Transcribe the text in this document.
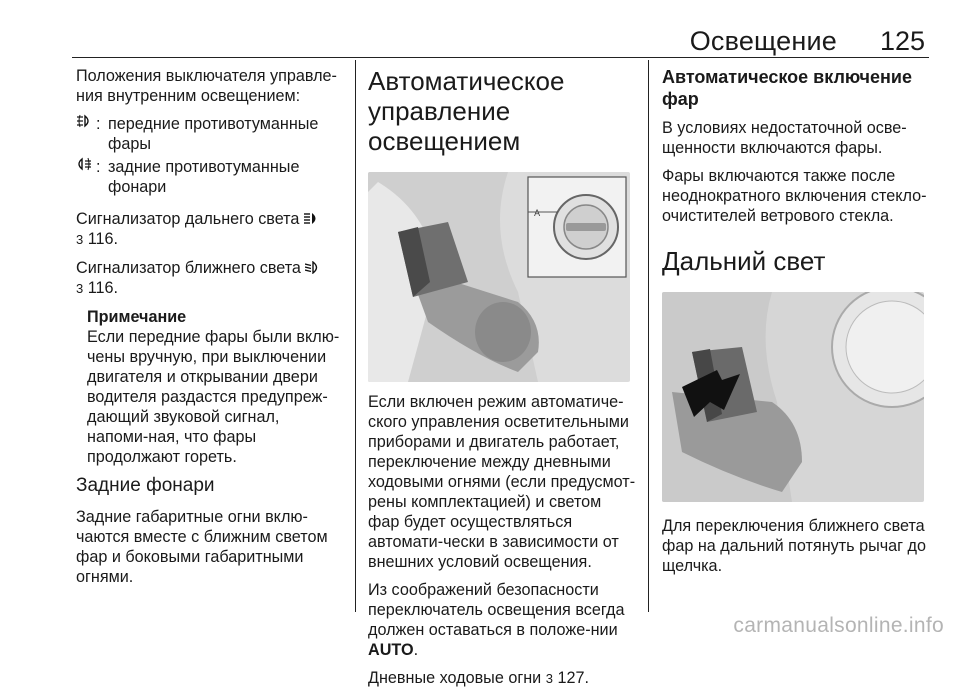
Освещение 125

Положения выключателя управле-ния внутренним освещением:

: передние противотуманные фары
: задние противотуманные фонари

Сигнализатор дальнего света
3 116.

Сигнализатор ближнего света
3 116.

Примечание

Если передние фары были вклю-чены вручную, при выключении двигателя и открывании двери водителя раздастся предупреж-дающий звуковой сигнал, напоми-ная, что фары продолжают гореть.

Задние фонари

Задние габаритные огни вклю-чаются вместе с ближним светом фар и боковыми габаритными огнями.

Автоматическое управление освещением
A

Если включен режим автоматиче-ского управления осветительными приборами и двигатель работает, переключение между дневными ходовыми огнями (если предусмот-рены комплектацией) и светом фар будет осуществляться автомати-чески в зависимости от внешних условий освещения.

Из соображений безопасности переключатель освещения всегда должен оставаться в положе-нии AUTO.

Дневные ходовые огни 3 127.

Автоматическое включение фар

В условиях недостаточной осве-щенности включаются фары.

Фары включаются также после неоднократного включения стекло-очистителей ветрового стекла.

Дальний свет

Для переключения ближнего света фар на дальний потянуть рычаг до щелчка.

carmanualsonline.info
